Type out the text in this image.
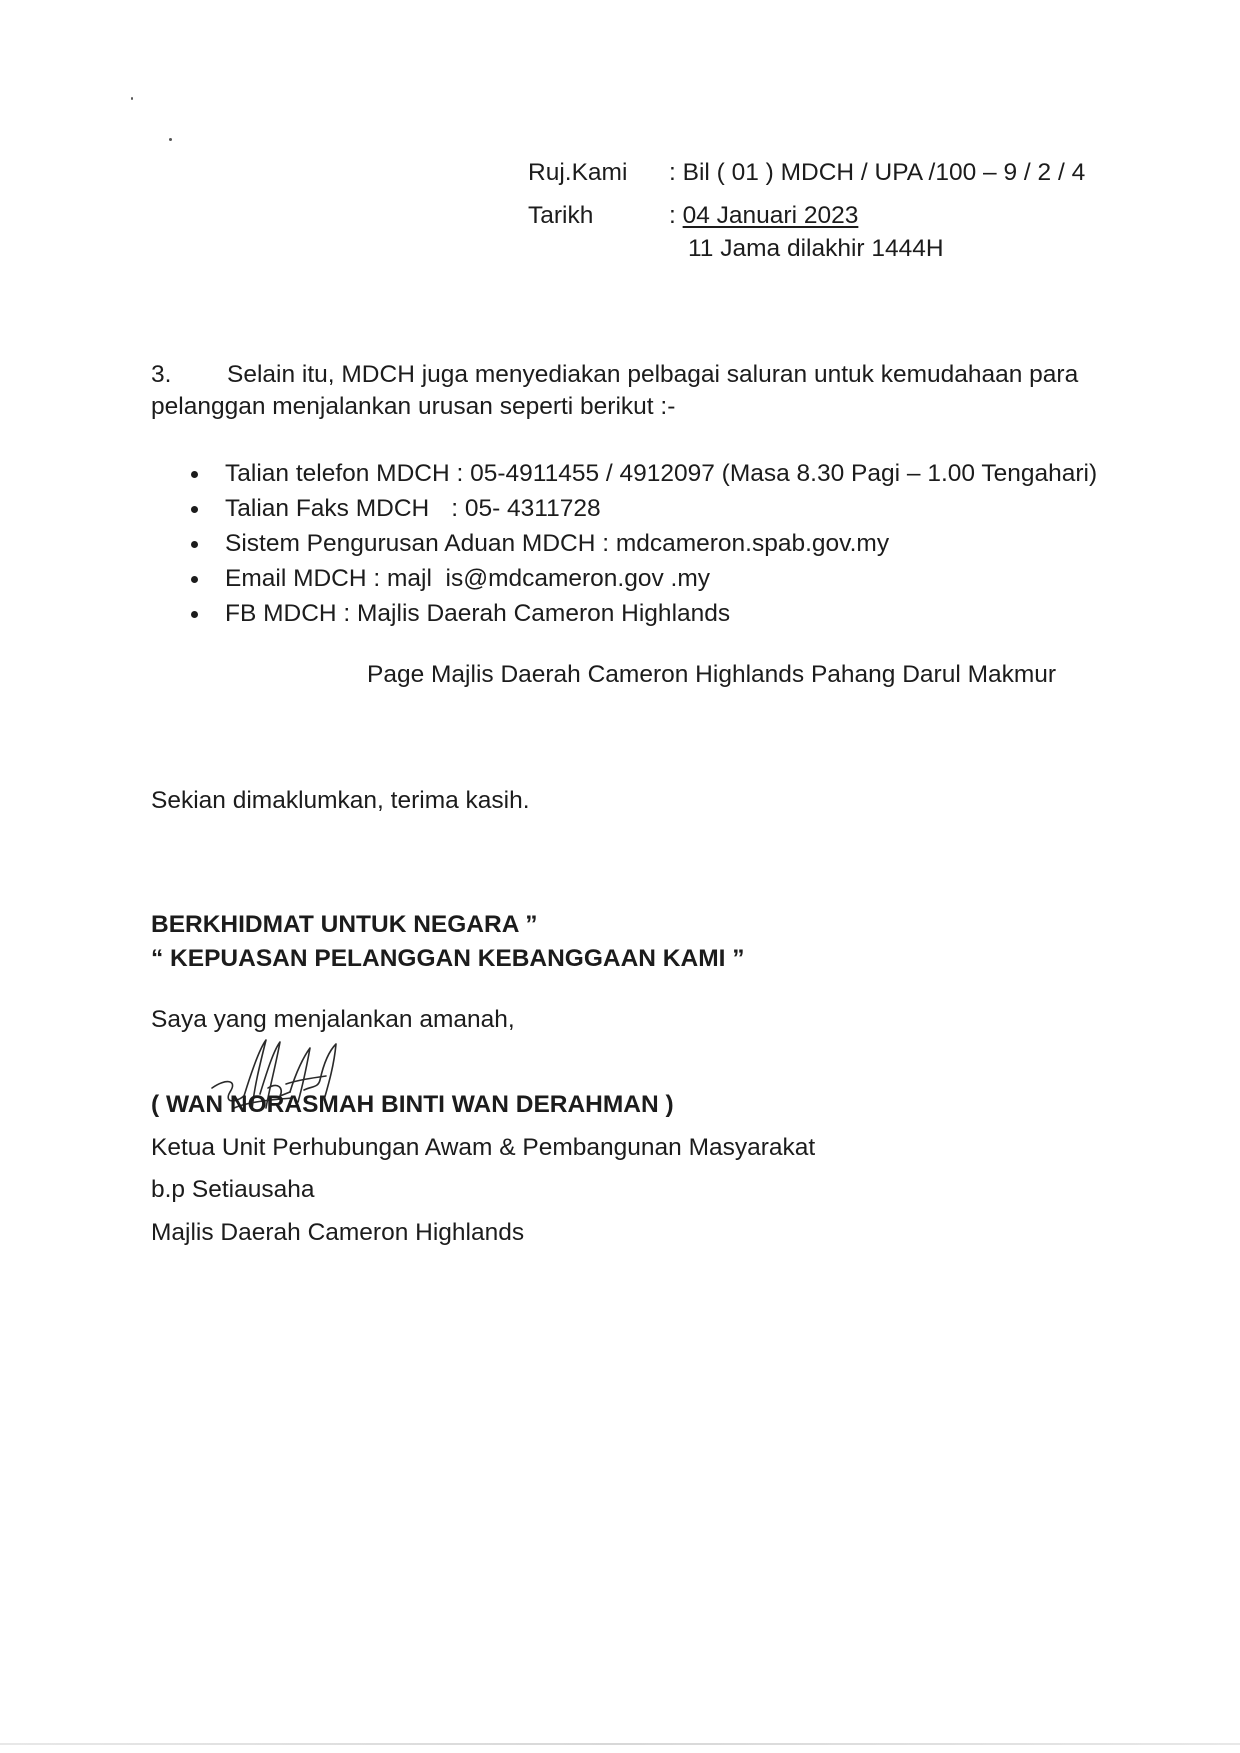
Ruj.Kami : Bil ( 01 ) MDCH / UPA /100 – 9 / 2 / 4
Tarikh	: 04 Januari 2023
11 Jama dilakhir 1444H
3. Selain itu, MDCH juga menyediakan pelbagai saluran untuk kemudahaan para
pelanggan menjalankan urusan seperti berikut :-
Talian telefon MDCH : 05-4911455 / 4912097 (Masa 8.30 Pagi – 1.00 Tengahari)
Talian Faks MDCH : 05- 4311728
Sistem Pengurusan Aduan MDCH : mdcameron.spab.gov.my
Email MDCH : majl  is@mdcameron.gov .my
FB MDCH : Majlis Daerah Cameron Highlands
Page Majlis Daerah Cameron Highlands Pahang Darul Makmur
Sekian dimaklumkan, terima kasih.
BERKHIDMAT UNTUK NEGARA ”
“ KEPUASAN PELANGGAN KEBANGGAAN KAMI ”
Saya yang menjalankan amanah,
( WAN NORASMAH BINTI WAN DERAHMAN )
Ketua Unit Perhubungan Awam & Pembangunan Masyarakat
b.p Setiausaha
Majlis Daerah Cameron Highlands
